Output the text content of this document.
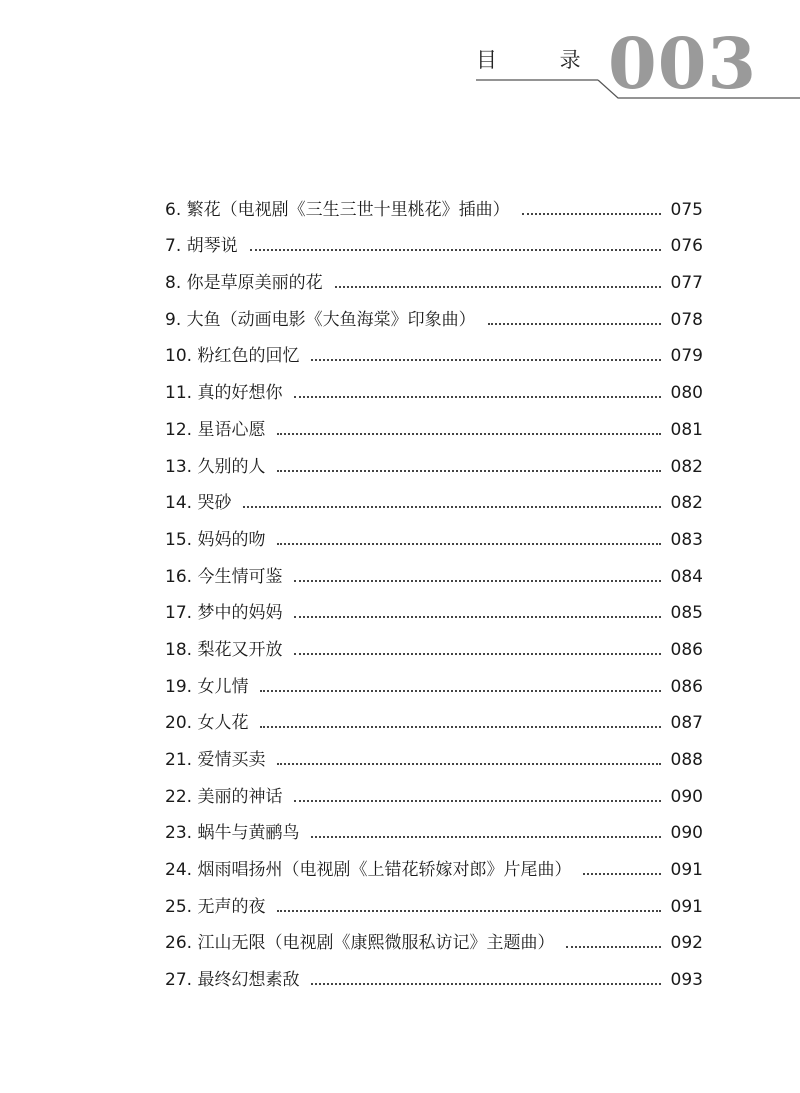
目 录 003
6. 繁花（电视剧《三生三世十里桃花》插曲）	075
7. 胡琴说	076
8. 你是草原美丽的花	077
9. 大鱼（动画电影《大鱼海棠》印象曲）	078
10. 粉红色的回忆	079
11. 真的好想你	080
12. 星语心愿	081
13. 久别的人	082
14. 哭砂	082
15. 妈妈的吻	083
16. 今生情可鉴	084
17. 梦中的妈妈	085
18. 梨花又开放	086
19. 女儿情	086
20. 女人花	087
21. 爱情买卖	088
22. 美丽的神话	090
23. 蜗牛与黄鹂鸟	090
24. 烟雨唱扬州（电视剧《上错花轿嫁对郎》片尾曲）	091
25. 无声的夜	091
26. 江山无限（电视剧《康熙微服私访记》主题曲）	092
27. 最终幻想素敌	093
